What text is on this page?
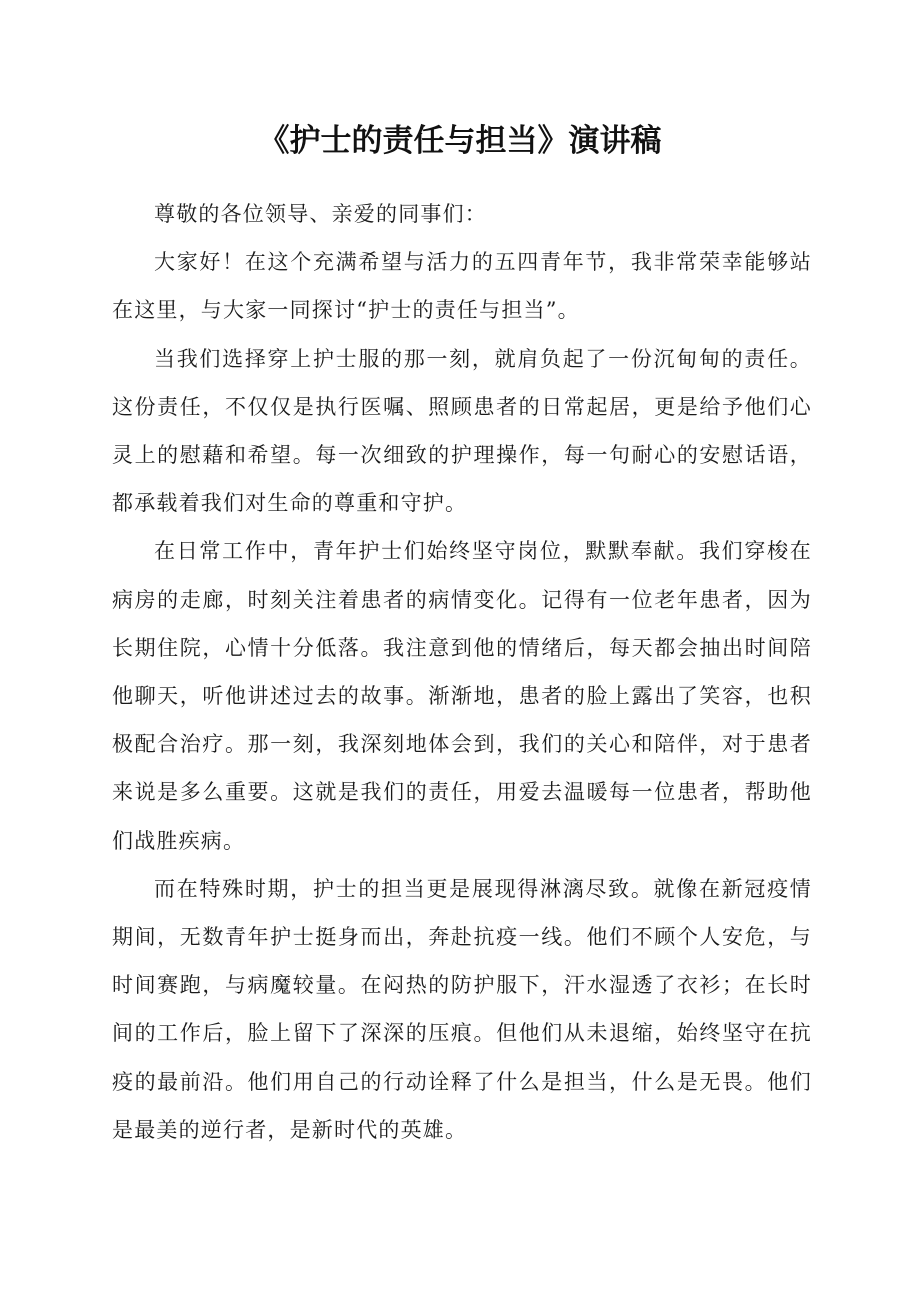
《护士的责任与担当》演讲稿

尊敬的各位领导、亲爱的同事们：

大家好！在这个充满希望与活力的五四青年节，我非常荣幸能够站在这里，与大家一同探讨“护士的责任与担当”。

当我们选择穿上护士服的那一刻，就肩负起了一份沉甸甸的责任。这份责任，不仅仅是执行医嘱、照顾患者的日常起居，更是给予他们心灵上的慰藉和希望。每一次细致的护理操作，每一句耐心的安慰话语，都承载着我们对生命的尊重和守护。

在日常工作中，青年护士们始终坚守岗位，默默奉献。我们穿梭在病房的走廊，时刻关注着患者的病情变化。记得有一位老年患者，因为长期住院，心情十分低落。我注意到他的情绪后，每天都会抽出时间陪他聊天，听他讲述过去的故事。渐渐地，患者的脸上露出了笑容，也积极配合治疗。那一刻，我深刻地体会到，我们的关心和陪伴，对于患者来说是多么重要。这就是我们的责任，用爱去温暖每一位患者，帮助他们战胜疾病。

而在特殊时期，护士的担当更是展现得淋漓尽致。就像在新冠疫情期间，无数青年护士挺身而出，奔赴抗疫一线。他们不顾个人安危，与时间赛跑，与病魔较量。在闷热的防护服下，汗水湿透了衣衫；在长时间的工作后，脸上留下了深深的压痕。但他们从未退缩，始终坚守在抗疫的最前沿。他们用自己的行动诠释了什么是担当，什么是无畏。他们是最美的逆行者，是新时代的英雄。
